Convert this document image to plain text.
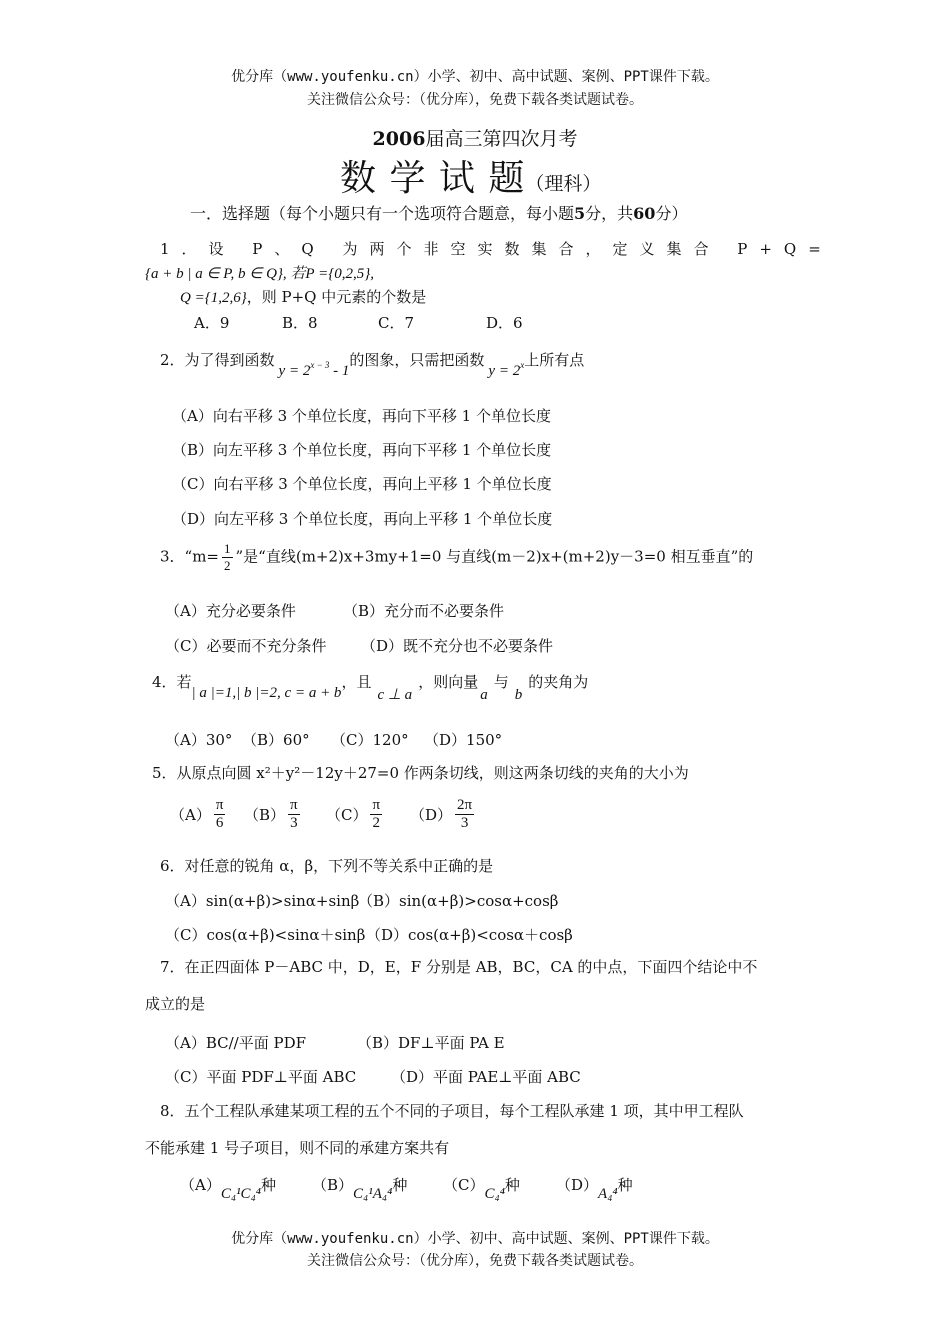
优分库（www.youfenku.cn）小学、初中、高中试题、案例、PPT课件下载。
关注微信公众号：（优分库），免费下载各类试题试卷。
2006届高三第四次月考
数 学 试 题（理科）
一．选择题（每个小题只有一个选项符合题意，每小题5分，共60分）
1．设 P、Q 为两个非空实数集合，定义集合 P+Q=
{a + b | a ∈ P, b ∈ Q}, 若P ={0,2,5},
Q ={1,2,6}，则 P+Q 中元素的个数是
A．9	B．8	C．7	D．6
2．为了得到函数$y = 2^{x - 3} - 1$的图象，只需把函数$y = 2^x$上所有点
（A）向右平移 3 个单位长度，再向下平移 1 个单位长度
（B）向左平移 3 个单位长度，再向下平移 1 个单位长度
（C）向右平移 3 个单位长度，再向上平移 1 个单位长度
（D）向左平移 3 个单位长度，再向上平移 1 个单位长度
3．“$m= \frac{1}{2}$ ”是“直线(m+2)x+3my+1=0 与直线(m－2)x+(m+2)y－3=0 相互垂直”的
（A）充分必要条件	（B）充分而不必要条件
（C）必要而不充分条件 （D）既不充分也不必要条件
4．若| a |=1,| b |=2, c = a + b，且c ⊥ a，则向量a与b的夹角为
（A）30° （B）60° （C）120° （D）150°
5．从原点向圆 x²＋y²－12y＋27=0 作两条切线，则这两条切线的夹角的大小为
$(A) \frac{\pi}{6} (B) \frac{\pi}{3} (C) \frac{\pi}{2} (D) \frac{2\pi}{3}$
6．对任意的锐角 α，β，下列不等关系中正确的是
（A）sin(α+β)>sinα+sinβ
（B）sin(α+β)>cosα+cosβ
（C）cos(α+β)<sinα＋sinβ （D）cos(α+β)<cosα＋cosβ
7．在正四面体 P－ABC 中，D，E，F 分别是 AB，BC，CA 的中点，下面四个结论中不
成立的是
（A）BC//平面 PDF	（B）DF⊥平面 PA E
（C）平面 PDF⊥平面 ABC （D）平面 PAE⊥平面 ABC
8．五个工程队承建某项工程的五个不同的子项目，每个工程队承建 1 项，其中甲工程队
不能承建 1 号子项目，则不同的承建方案共有
（A）C₄¹C₄⁴种 （B）C₄¹A₄⁴种 （C）C₄⁴种 （D）A₄⁴种
优分库（www.youfenku.cn）小学、初中、高中试题、案例、PPT课件下载。
关注微信公众号：（优分库），免费下载各类试题试卷。
